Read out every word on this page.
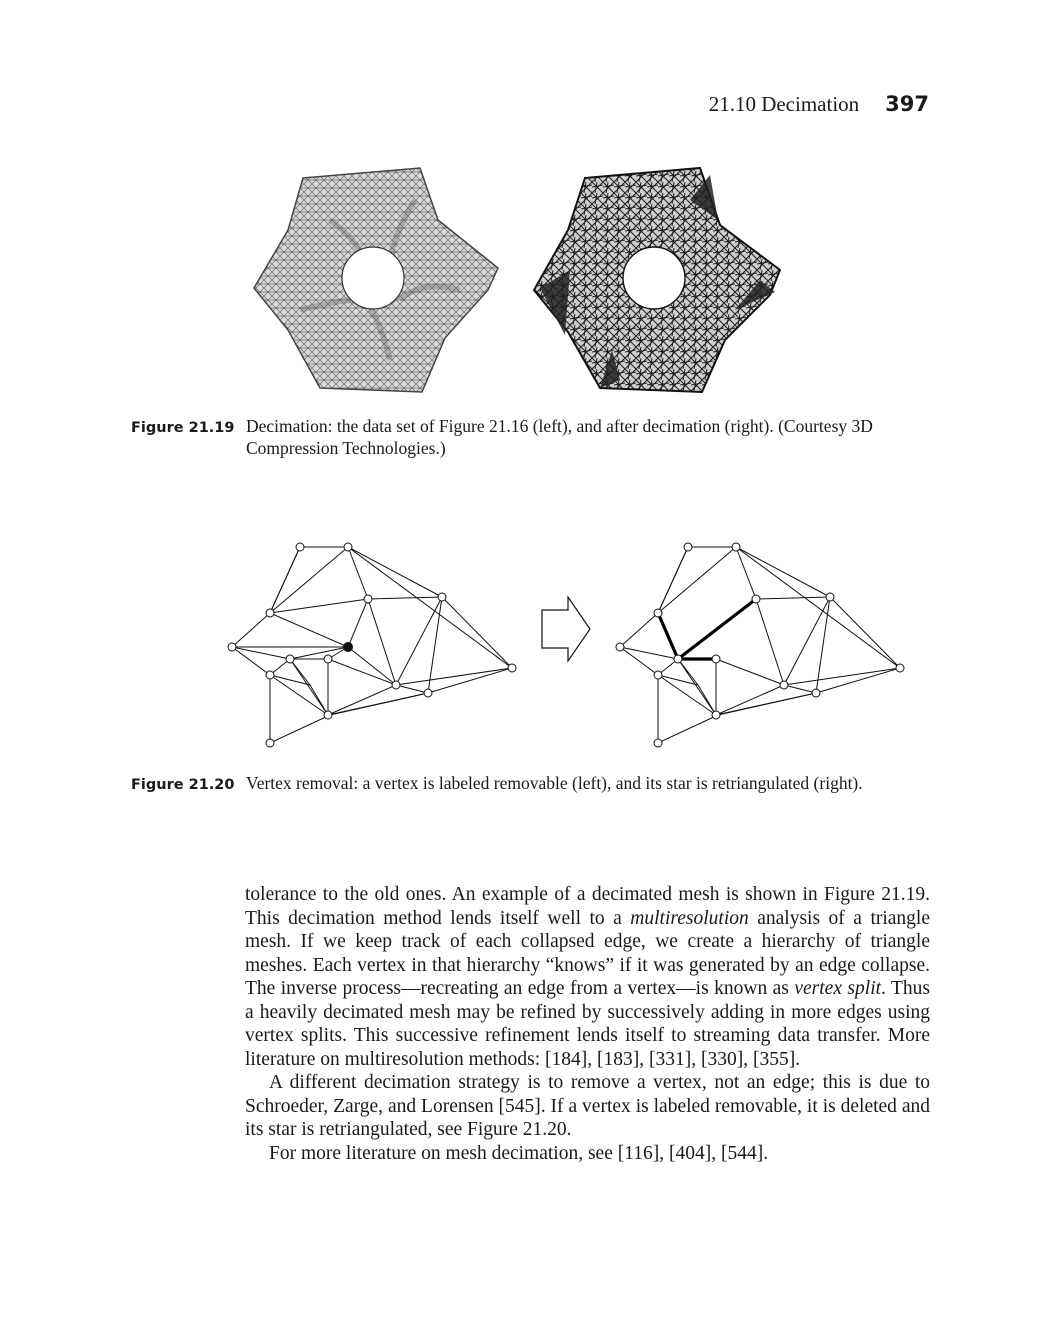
21.10 Decimation 397
Figure 21.19 Decimation: the data set of Figure 21.16 (left), and after decimation (right). (Courtesy 3D Compression Technologies.)
Figure 21.20 Vertex removal: a vertex is labeled removable (left), and its star is retriangulated (right).

tolerance to the old ones. An example of a decimated mesh is shown in Figure 21.19. This decimation method lends itself well to a multiresolution analysis of a triangle mesh. If we keep track of each collapsed edge, we create a hierarchy of triangle meshes. Each vertex in that hierarchy “knows” if it was generated by an edge collapse. The inverse process—recreating an edge from a vertex—is known as vertex split. Thus a heavily decimated mesh may be refined by successively adding in more edges using vertex splits. This successive refinement lends itself to streaming data transfer. More literature on multiresolution methods: [184], [183], [331], [330], [355].

A different decimation strategy is to remove a vertex, not an edge; this is due to Schroeder, Zarge, and Lorensen [545]. If a vertex is labeled removable, it is deleted and its star is retriangulated, see Figure 21.20.

For more literature on mesh decimation, see [116], [404], [544].
